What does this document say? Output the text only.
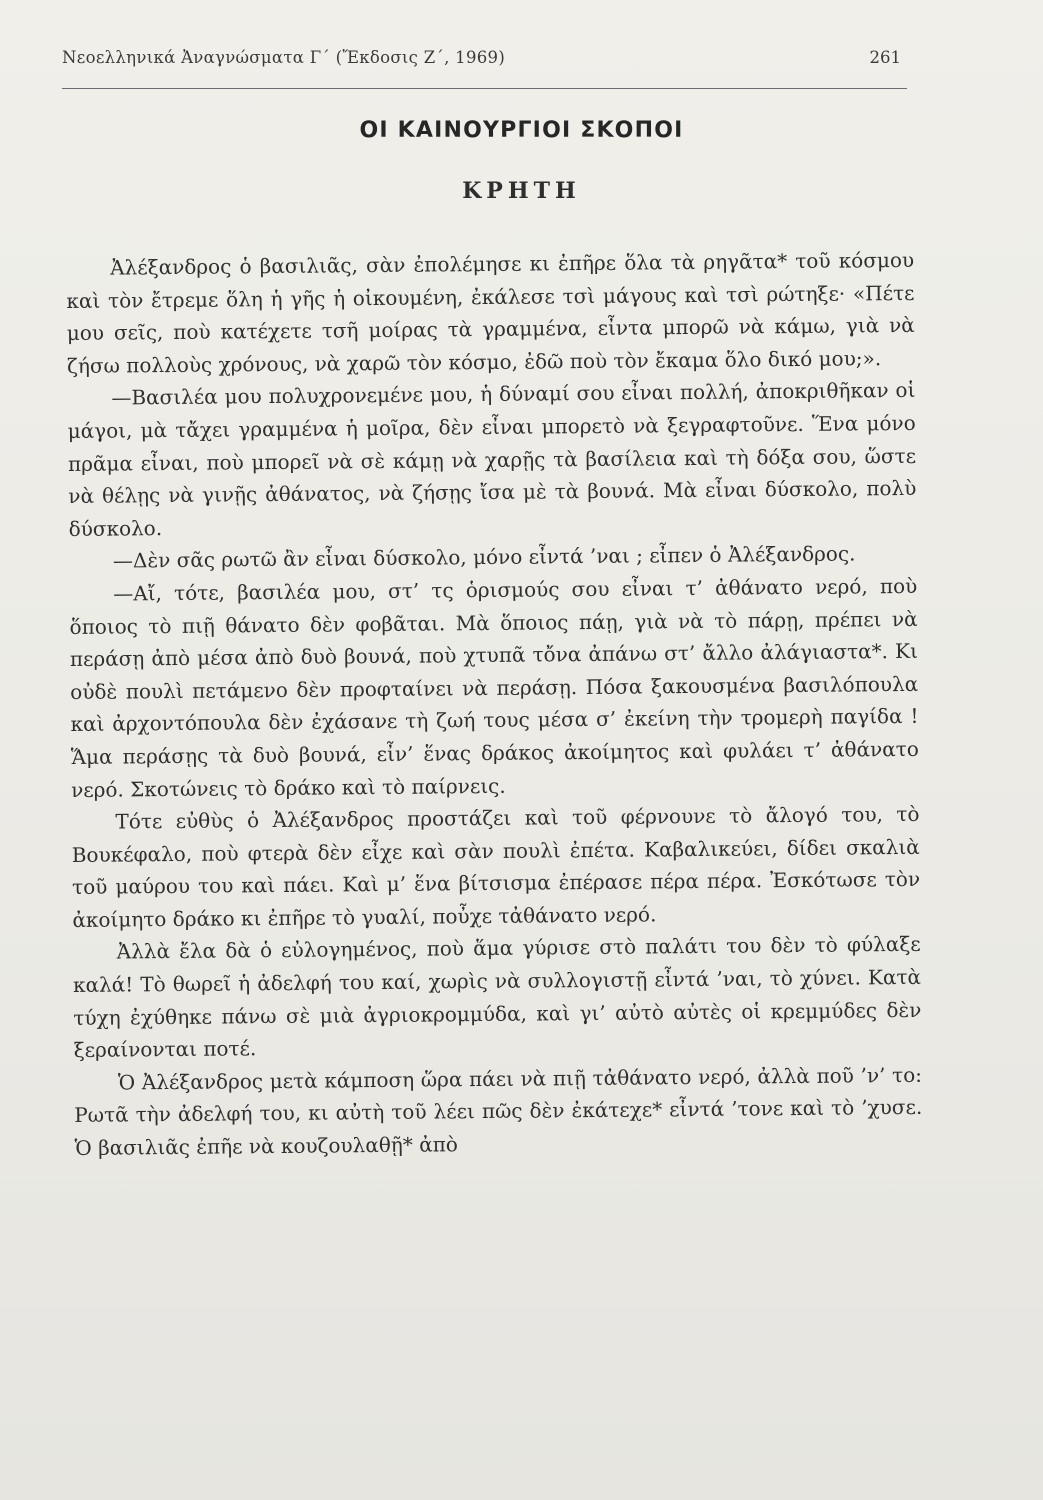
Νεοελληνικά Ἀναγνώσματα Γ΄ (Ἔκδοσις Ζ΄, 1969)	261
ΟΙ ΚΑΙΝΟΥΡΓΙΟΙ ΣΚΟΠΟΙ
ΚΡΗΤΗ

Ἀλέξανδρος ὁ βασιλιᾶς, σὰν ἐπολέμησε κι ἐπῆρε ὅλα τὰ ρηγᾶτα* τοῦ κόσμου καὶ τὸν ἔτρεμε ὅλη ἡ γῆς ἡ οἰκουμένη, ἐκάλεσε τσὶ μάγους καὶ τσὶ ρώτηξε· «Πέτε μου σεῖς, ποὺ κατέχετε τσῆ μοίρας τὰ γραμμένα, εἶντα μπορῶ νὰ κάμω, γιὰ νὰ ζήσω πολλοὺς χρόνους, νὰ χαρῶ τὸν κόσμο, ἐδῶ ποὺ τὸν ἔκαμα ὅλο δικό μου;».

—Βασιλέα μου πολυχρονεμένε μου, ἡ δύναμί σου εἶναι πολλή, ἀποκριθῆκαν οἱ μάγοι, μὰ τἄχει γραμμένα ἡ μοῖρα, δὲν εἶναι μπορετὸ νὰ ξεγραφτοῦνε. Ἕνα μόνο πρᾶμα εἶναι, ποὺ μπορεῖ νὰ σὲ κάμῃ νὰ χαρῇς τὰ βασίλεια καὶ τὴ δόξα σου, ὥστε νὰ θέλῃς νὰ γινῇς ἀθάνατος, νὰ ζήσῃς ἴσα μὲ τὰ βουνά. Μὰ εἶναι δύσκολο, πολὺ δύσκολο.

—Δὲν σᾶς ρωτῶ ἂν εἶναι δύσκολο, μόνο εἶντά ’ναι ; εἶπεν ὁ Ἀλέξανδρος.

—Αἴ, τότε, βασιλέα μου, στ’ τς ὁρισμούς σου εἶναι τ’ ἀθάνατο νερό, ποὺ ὅποιος τὸ πιῇ θάνατο δὲν φοβᾶται. Μὰ ὅποιος πάῃ, γιὰ νὰ τὸ πάρῃ, πρέπει νὰ περάσῃ ἀπὸ μέσα ἀπὸ δυὸ βουνά, ποὺ χτυπᾶ τὄνα ἀπάνω στ’ ἄλλο ἀλάγιαστα*. Κι οὐδὲ πουλὶ πετάμενο δὲν προφταίνει νὰ περάσῃ. Πόσα ξακουσμένα βασιλόπουλα καὶ ἀρχοντόπουλα δὲν ἐχάσανε τὴ ζωή τους μέσα σ’ ἐκείνη τὴν τρομερὴ παγίδα ! Ἅμα περάσῃς τὰ δυὸ βουνά, εἶν’ ἕνας δράκος ἀκοίμητος καὶ φυλάει τ’ ἀθάνατο νερό. Σκοτώνεις τὸ δράκο καὶ τὸ παίρνεις.

Τότε εὐθὺς ὁ Ἀλέξανδρος προστάζει καὶ τοῦ φέρνουνε τὸ ἄλογό του, τὸ Βουκέφαλο, ποὺ φτερὰ δὲν εἶχε καὶ σὰν πουλὶ ἐπέτα. Καβαλικεύει, δίδει σκαλιὰ τοῦ μαύρου του καὶ πάει. Καὶ μ’ ἕνα βίτσισμα ἐπέρασε πέρα πέρα. Ἐσκότωσε τὸν ἀκοίμητο δράκο κι ἐπῆρε τὸ γυαλί, ποὖχε τἀθάνατο νερό.

Ἀλλὰ ἔλα δὰ ὁ εὐλογημένος, ποὺ ἅμα γύρισε στὸ παλάτι του δὲν τὸ φύλαξε καλά! Τὸ θωρεῖ ἡ ἀδελφή του καί, χωρὶς νὰ συλλογιστῇ εἶντά ’ναι, τὸ χύνει. Κατὰ τύχη ἐχύθηκε πάνω σὲ μιὰ ἀγριοκρομμύδα, καὶ γι’ αὐτὸ αὐτὲς οἱ κρεμμύδες δὲν ξεραίνονται ποτέ.

Ὁ Ἀλέξανδρος μετὰ κάμποση ὥρα πάει νὰ πιῇ τἀθάνατο νερό, ἀλλὰ ποῦ ’ν’ το: Ρωτᾶ τὴν ἀδελφή του, κι αὐτὴ τοῦ λέει πῶς δὲν ἐκάτεχε* εἶντά ’τονε καὶ τὸ ’χυσε. Ὁ βασιλιᾶς ἐπῆε νὰ κουζουλαθῇ* ἀπὸ
